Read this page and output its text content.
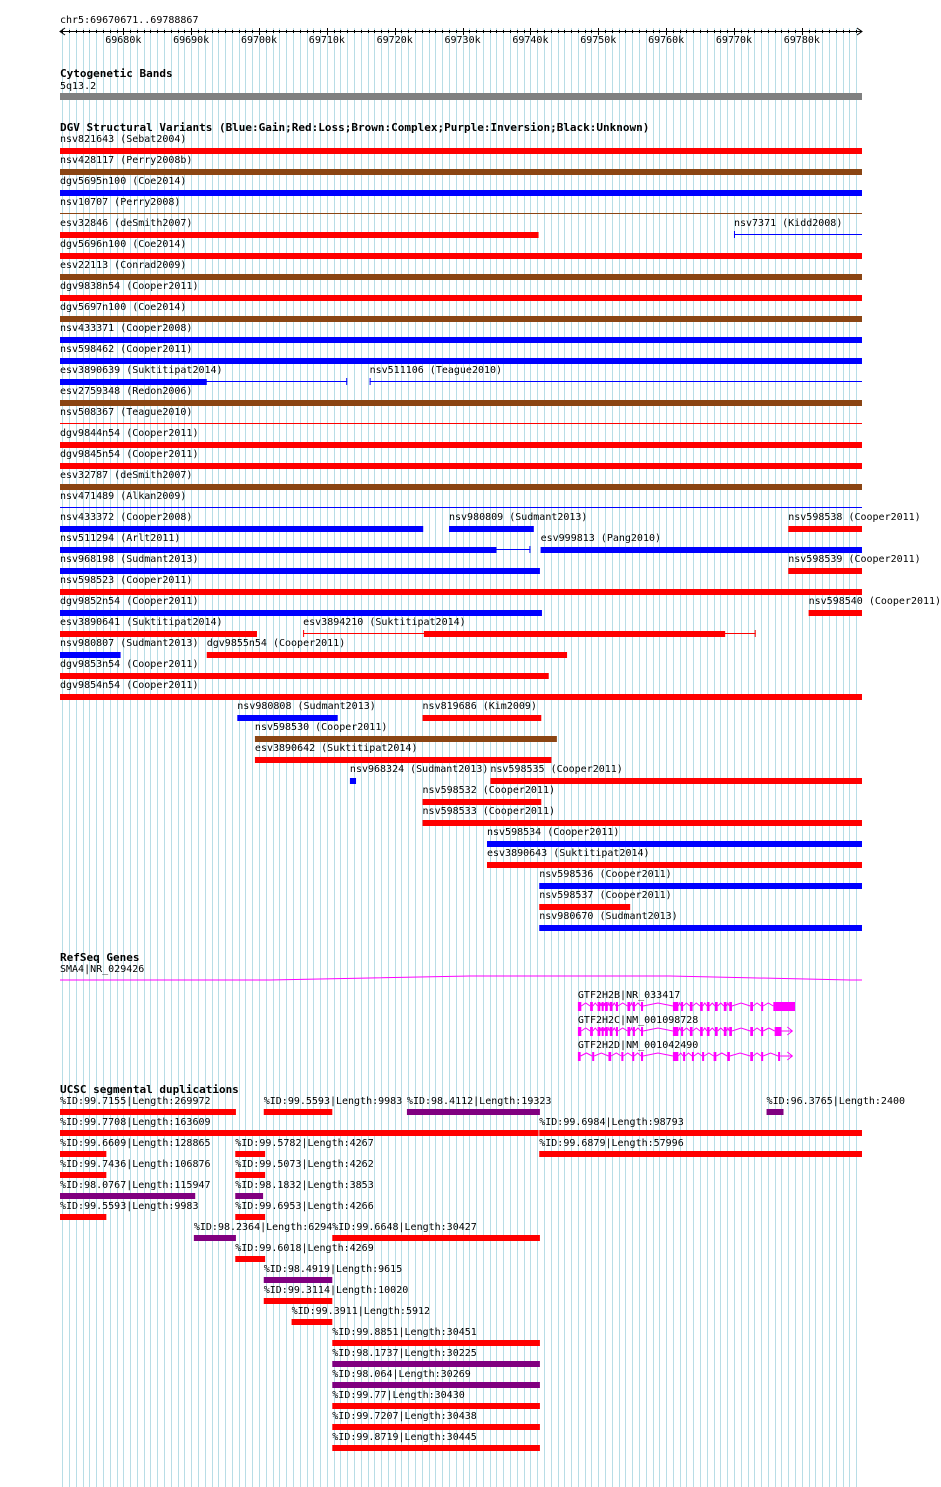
chr5:69670671..69788867
69680k	69690k	69700k	69710k	69720k	69730k	69740k	69750k	69760k	69770k	69780k
Cytogenetic Bands
5q13.2
DGV Structural Variants (Blue:Gain;Red:Loss;Brown:Complex;Purple:Inversion;Black:Unknown)
nsv821643 (Sebat2004)
nsv428117 (Perry2008b)
dgv5695n100 (Coe2014)
nsv10707 (Perry2008)
esv32846 (deSmith2007)	nsv7371 (Kidd2008)
dgv5696n100 (Coe2014)
esv22113 (Conrad2009)
dgv9838n54 (Cooper2011)
dgv5697n100 (Coe2014)
nsv433371 (Cooper2008)
nsv598462 (Cooper2011)
esv3890639 (Suktitipat2014)	nsv511106 (Teague2010)
esv2759348 (Redon2006)
nsv508367 (Teague2010)
dgv9844n54 (Cooper2011)
dgv9845n54 (Cooper2011)
esv32787 (deSmith2007)
nsv471489 (Alkan2009)
nsv433372 (Cooper2008)	nsv980809 (Sudmant2013)	nsv598538 (Cooper2011)
nsv511294 (Arlt2011)	esv999813 (Pang2010)
nsv968198 (Sudmant2013)	nsv598539 (Cooper2011)
nsv598523 (Cooper2011)
dgv9852n54 (Cooper2011)	nsv598540 (Cooper2011)
esv3890641 (Suktitipat2014)	esv3894210 (Suktitipat2014)
nsv980807 (Sudmant2013) dgv9855n54 (Cooper2011)
dgv9853n54 (Cooper2011)
dgv9854n54 (Cooper2011)
nsv980808 (Sudmant2013)	nsv819686 (Kim2009)
nsv598530 (Cooper2011)
esv3890642 (Suktitipat2014)
nsv968324 (Sudmant2013) nsv598535 (Cooper2011)
nsv598532 (Cooper2011)
nsv598533 (Cooper2011)
nsv598534 (Cooper2011)
esv3890643 (Suktitipat2014)
nsv598536 (Cooper2011)
nsv598537 (Cooper2011)
nsv980670 (Sudmant2013)
RefSeq Genes
SMA4|NR_029426
GTF2H2B|NR_033417
GTF2H2C|NM_001098728
GTF2H2D|NM_001042490
UCSC segmental duplications
%ID:99.7155|Length:269972	%ID:99.5593|Length:9983 %ID:98.4112|Length:19323	%ID:96.3765|Length:2400
%ID:99.7708|Length:163609	%ID:99.6984|Length:98793
%ID:99.6609|Length:128865 %ID:99.5782|Length:4267	%ID:99.6879|Length:57996
%ID:99.7436|Length:106876 %ID:99.5073|Length:4262
%ID:98.0767|Length:115947 %ID:98.1832|Length:3853
%ID:99.5593|Length:9983	%ID:99.6953|Length:4266
%ID:98.2364|Length:6294 %ID:99.6648|Length:30427
%ID:99.6018|Length:4269
%ID:98.4919|Length:9615
%ID:99.3114|Length:10020
%ID:99.3911|Length:5912
%ID:99.8851|Length:30451
%ID:98.1737|Length:30225
%ID:98.064|Length:30269
%ID:99.77|Length:30430
%ID:99.7207|Length:30438
%ID:99.8719|Length:30445
